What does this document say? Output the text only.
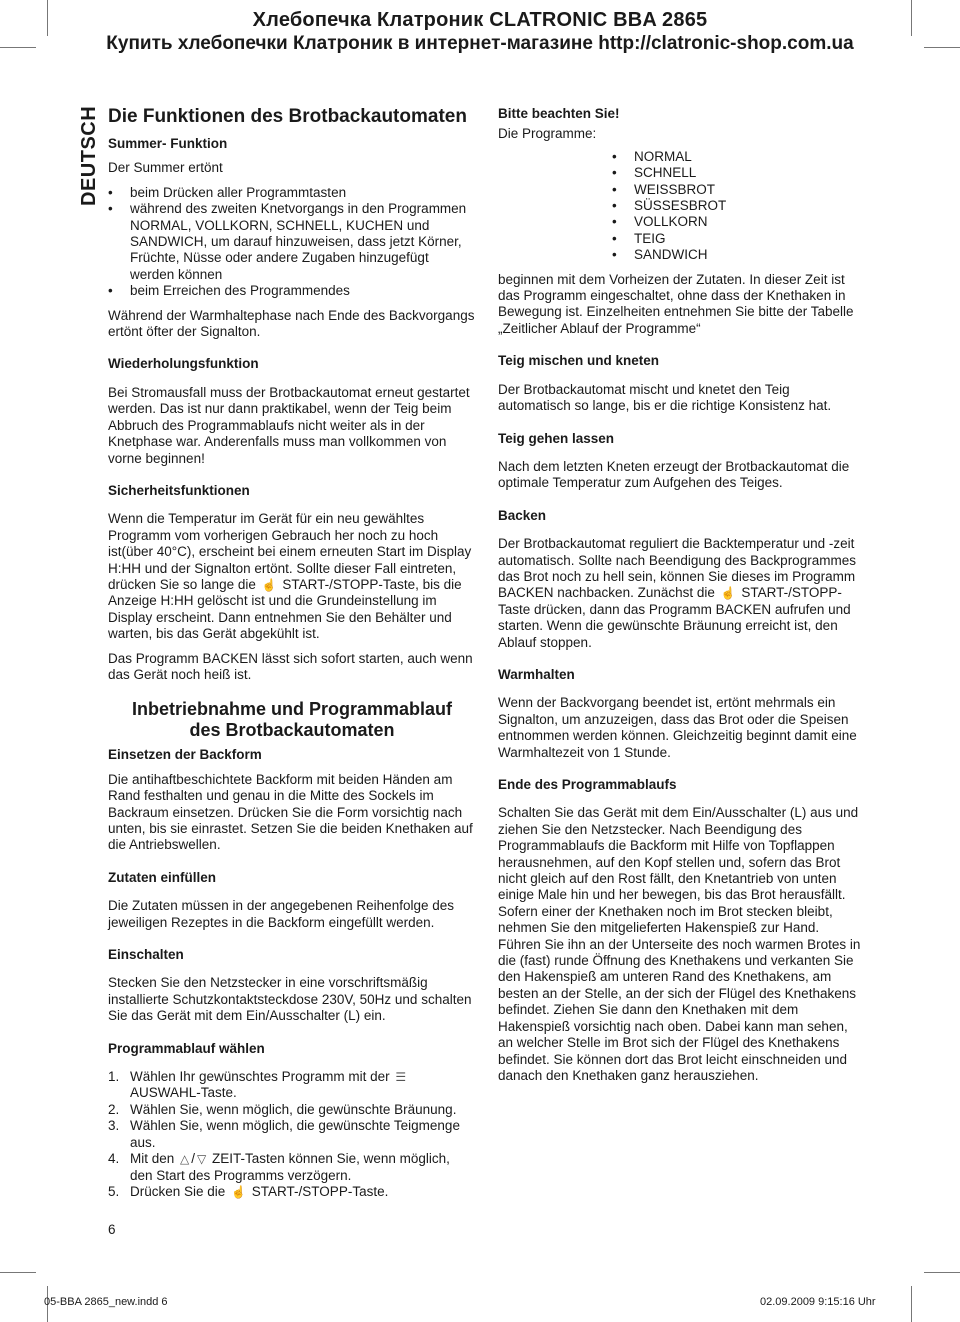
Хлебопечка Клатроник CLATRONIC BBA 2865
Купить хлебопечки Клатроник в интернет-магазине http://clatronic-shop.com.ua
DEUTSCH Die Funktionen des Brotbackautomaten
Summer- Funktion

Der Summer ertönt

• beim Drücken aller Programmtasten
• während des zweiten Knetvorgangs in den Programmen NORMAL, VOLLKORN, SCHNELL, KUCHEN und SANDWICH, um darauf hinzuweisen, dass jetzt Körner, Früchte, Nüsse oder andere Zugaben hinzugefügt werden können
• beim Erreichen des Programmendes

Während der Warmhaltephase nach Ende des Backvorgangs ertönt öfter der Signalton.

Wiederholungsfunktion

Bei Stromausfall muss der Brotbackautomat erneut gestartet werden. Das ist nur dann praktikabel, wenn der Teig beim Abbruch des Programmablaufs nicht weiter als in der Knetphase war. Anderenfalls muss man vollkommen von vorne beginnen!

Sicherheitsfunktionen

Wenn die Temperatur im Gerät für ein neu gewähltes Programm vom vorherigen Gebrauch her noch zu hoch ist(über 40°C), erscheint bei einem erneuten Start im Display H:HH und der Signalton ertönt. Sollte dieser Fall eintreten, drücken Sie so lange die ☝ START-/STOPP-Taste, bis die Anzeige H:HH gelöscht ist und die Grundeinstellung im Display erscheint. Dann entnehmen Sie den Behälter und warten, bis das Gerät abgekühlt ist.

Das Programm BACKEN lässt sich sofort starten, auch wenn das Gerät noch heiß ist.

Inbetriebnahme und Programmablauf
des Brotbackautomaten
Einsetzen der Backform

Die antihaftbeschichtete Backform mit beiden Händen am Rand festhalten und genau in die Mitte des Sockels im Backraum einsetzen. Drücken Sie die Form vorsichtig nach unten, bis sie einrastet. Setzen Sie die beiden Knethaken auf die Antriebswellen.

Zutaten einfüllen

Die Zutaten müssen in der angegebenen Reihenfolge des jeweiligen Rezeptes in die Backform eingefüllt werden.

Einschalten

Stecken Sie den Netzstecker in eine vorschriftsmäßig installierte Schutzkontaktsteckdose 230V, 50Hz und schalten Sie das Gerät mit dem Ein/Ausschalter (L) ein.

Programmablauf wählen
1. Wählen Ihr gewünschtes Programm mit der ☰ AUSWAHL-Taste.
2. Wählen Sie, wenn möglich, die gewünschte Bräunung.
3. Wählen Sie, wenn möglich, die gewünschte Teigmenge aus.
4. Mit den △ / ▽ ZEIT-Tasten können Sie, wenn möglich, den Start des Programms verzögern.
5. Drücken Sie die ☝ START-/STOPP-Taste.
Bitte beachten Sie!

Die Programme:

• NORMAL
• SCHNELL
• WEISSBROT
• SÜSSESBROT
• VOLLKORN
• TEIG
• SANDWICH

beginnen mit dem Vorheizen der Zutaten. In dieser Zeit ist das Programm eingeschaltet, ohne dass der Knethaken in Bewegung ist. Einzelheiten entnehmen Sie bitte der Tabelle „Zeitlicher Ablauf der Programme“

Teig mischen und kneten

Der Brotbackautomat mischt und knetet den Teig automatisch so lange, bis er die richtige Konsistenz hat.

Teig gehen lassen

Nach dem letzten Kneten erzeugt der Brotbackautomat die optimale Temperatur zum Aufgehen des Teiges.

Backen

Der Brotbackautomat reguliert die Backtemperatur und -zeit automatisch. Sollte nach Beendigung des Backprogrammes das Brot noch zu hell sein, können Sie dieses im Programm BACKEN nachbacken. Zunächst die ☝ START-/STOPP-Taste drücken, dann das Programm BACKEN aufrufen und starten. Wenn die gewünschte Bräunung erreicht ist, den Ablauf stoppen.

Warmhalten

Wenn der Backvorgang beendet ist, ertönt mehrmals ein Signalton, um anzuzeigen, dass das Brot oder die Speisen entnommen werden können. Gleichzeitig beginnt damit eine Warmhaltezeit von 1 Stunde.

Ende des Programmablaufs

Schalten Sie das Gerät mit dem Ein/Ausschalter (L) aus und ziehen Sie den Netzstecker. Nach Beendigung des Programmablaufs die Backform mit Hilfe von Topflappen herausnehmen, auf den Kopf stellen und, sofern das Brot nicht gleich auf den Rost fällt, den Knetantrieb von unten einige Male hin und her bewegen, bis das Brot herausfällt. Sofern einer der Knethaken noch im Brot stecken bleibt, nehmen Sie den mitgelieferten Hakenspieß zur Hand. Führen Sie ihn an der Unterseite des noch warmen Brotes in die (fast) runde Öffnung des Knethakens und verkanten Sie den Hakenspieß am unteren Rand des Knethakens, am besten an der Stelle, an der sich der Flügel des Knethakens befindet. Ziehen Sie dann den Knethaken mit dem Hakenspieß vorsichtig nach oben. Dabei kann man sehen, an welcher Stelle im Brot sich der Flügel des Knethakens befindet. Sie können dort das Brot leicht einschneiden und danach den Knethaken ganz herausziehen.

6
05-BBA 2865_new.indd 6	02.09.2009 9:15:16 Uhr
